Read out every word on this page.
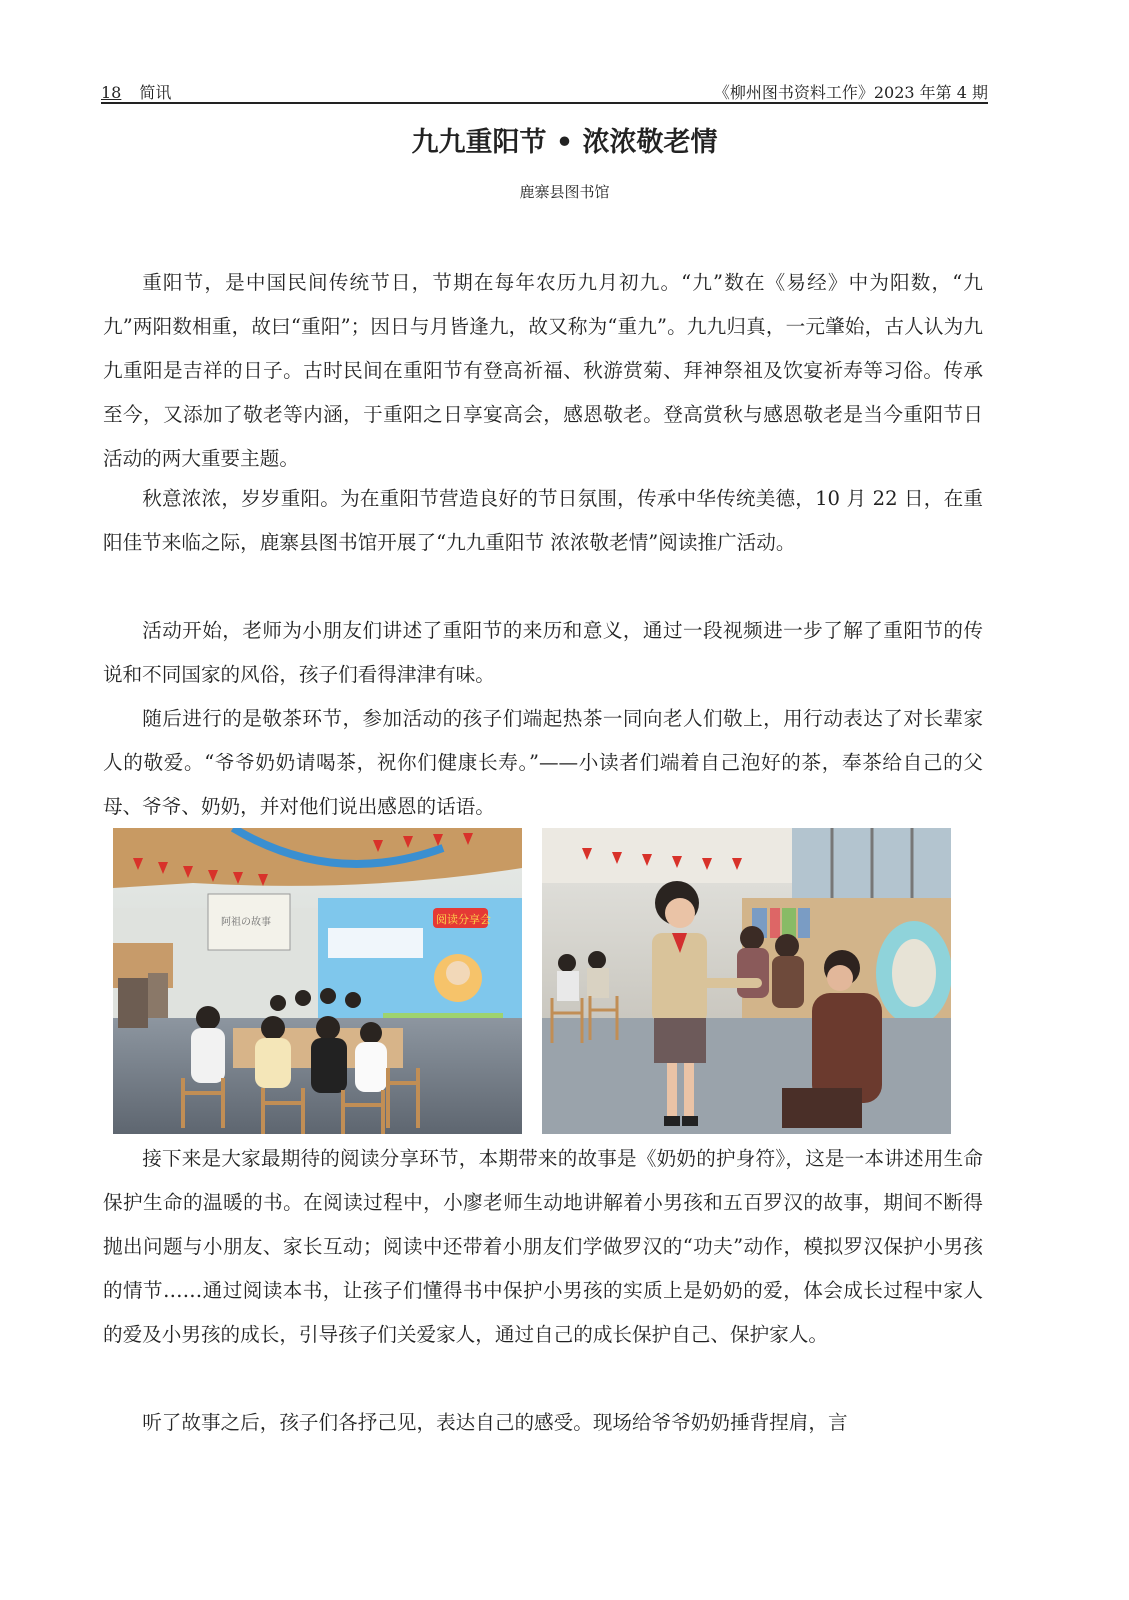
18 简讯	《柳州图书资料工作》2023 年第 4 期
九九重阳节 • 浓浓敬老情
鹿寨县图书馆

重阳节，是中国民间传统节日，节期在每年农历九月初九。“九”数在《易经》中为阳数，“九九”两阳数相重，故曰“重阳”；因日与月皆逢九，故又称为“重九”。九九归真，一元肇始，古人认为九九重阳是吉祥的日子。古时民间在重阳节有登高祈福、秋游赏菊、拜神祭祖及饮宴祈寿等习俗。传承至今，又添加了敬老等内涵，于重阳之日享宴高会，感恩敬老。登高赏秋与感恩敬老是当今重阳节日活动的两大重要主题。

秋意浓浓，岁岁重阳。为在重阳节营造良好的节日氛围，传承中华传统美德，10 月 22 日，在重阳佳节来临之际，鹿寨县图书馆开展了“九九重阳节 浓浓敬老情”阅读推广活动。

活动开始，老师为小朋友们讲述了重阳节的来历和意义，通过一段视频进一步了解了重阳节的传说和不同国家的风俗，孩子们看得津津有味。

随后进行的是敬茶环节，参加活动的孩子们端起热茶一同向老人们敬上，用行动表达了对长辈家人的敬爱。“爷爷奶奶请喝茶，祝你们健康长寿。”——小读者们端着自己泡好的茶，奉茶给自己的父母、爷爷、奶奶，并对他们说出感恩的话语。

阿祖の故事	阅读分享会

接下来是大家最期待的阅读分享环节，本期带来的故事是《奶奶的护身符》，这是一本讲述用生命保护生命的温暖的书。在阅读过程中，小廖老师生动地讲解着小男孩和五百罗汉的故事，期间不断得抛出问题与小朋友、家长互动；阅读中还带着小朋友们学做罗汉的“功夫”动作，模拟罗汉保护小男孩的情节……通过阅读本书，让孩子们懂得书中保护小男孩的实质上是奶奶的爱，体会成长过程中家人的爱及小男孩的成长，引导孩子们关爱家人，通过自己的成长保护自己、保护家人。

听了故事之后，孩子们各抒己见，表达自己的感受。现场给爷爷奶奶捶背捏肩，言
